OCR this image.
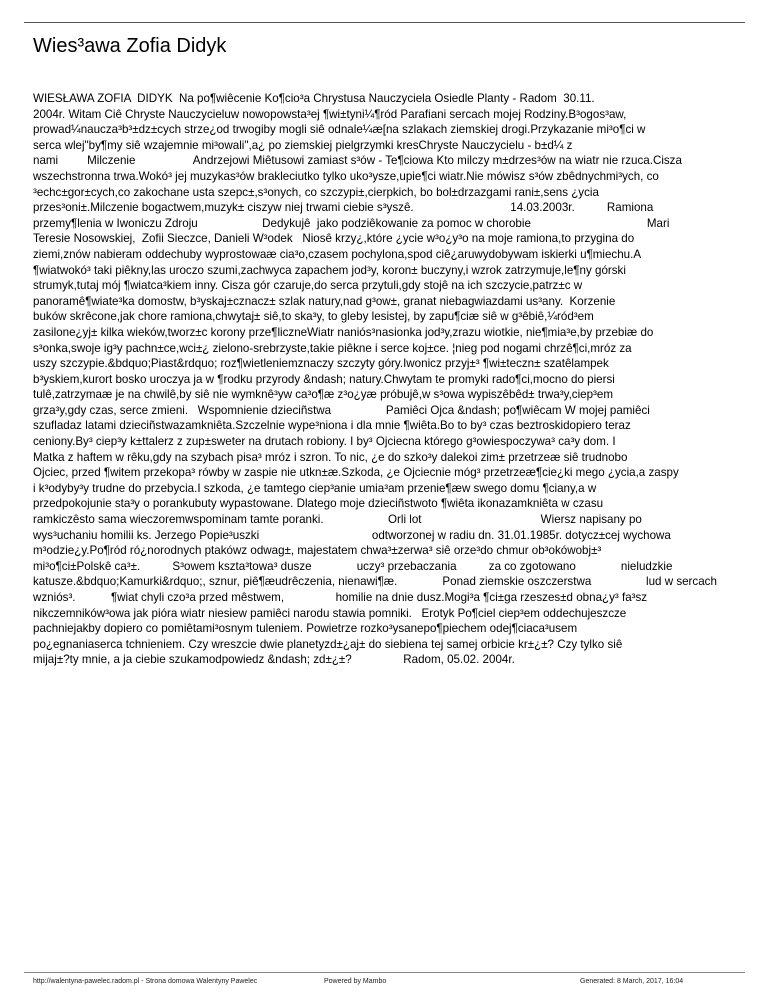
Wies³awa Zofia Didyk
WIESŁAWA ZOFIA  DIDYK  Na po¶wiêcenie Ko¶cio³a Chrystusa Nauczyciela Osiedle Planty - Radom  30.11.
2004r. Witam Ciê Chryste Nauczycieluw nowopowsta³ej ¶wi±tyni¼¶ród Parafiani sercach mojej Rodziny.B³ogos³aw,
prowad¼naucza³b³±dz±cych strze¿od trwogiby mogli siê odnale¼æ[na szlakach ziemskiej drogi.Przykazanie mi³o¶ci w
serca wlej"by¶my siê wzajemnie mi³owali",a¿ po ziemskiej pielgrzymki kresChryste Nauczycielu - b±d¼ z
nami         Milczenie                  Andrzejowi Miêtusowi zamiast s³ów - Te¶ciowa Kto milczy m±drzes³ów na wiatr nie rzuca.Cisza
wszechstronna trwa.Wokó³ jej muzykas³ów brakleciutko tylko uko³ysze,upie¶ci wiatr.Nie mówisz s³ów zbêdnychmi³ych, co
³echc±gor±cych,co zakochane usta szepc±,s³onych, co szczypi±,cierpkich, bo bol±drzazgami rani±,sens ¿ycia
przes³oni±.Milczenie bogactwem,muzyk± ciszyw niej trwami ciebie s³yszê.                              14.03.2003r.          Ramiona
przemy¶lenia w Iwoniczu Zdroju                    Dedykujê  jako podziêkowanie za pomoc w chorobie                                    Mari
Teresie Nosowskiej,  Zofii Sieczce, Danieli W³odek   Niosê krzy¿,które ¿ycie w³o¿y³o na moje ramiona,to przygina do
ziemi,znów nabieram oddechuby wyprostowaæ cia³o,czasem pochylona,spod ciê¿aruwydobywam iskierki u¶miechu.A
¶wiatwokó³ taki piêkny,las uroczo szumi,zachwyca zapachem jod³y, koron± buczyny,i wzrok zatrzymuje,le¶ny górski
strumyk,tutaj mój ¶wiatca³kiem inny. Cisza gór czaruje,do serca przytuli,gdy stojê na ich szczycie,patrz±c w
panoramê¶wiate³ka domostw, b³yskaj±cznacz± szlak natury,nad g³ow±, granat niebagwiazdami us³any.  Korzenie
buków skrêcone,jak chore ramiona,chwytaj± siê,to ska³y, to gleby lesistej, by zapu¶ciæ siê w g³êbiê,¼ród³em
zasilone¿yj± kilka wieków,tworz±c korony prze¶liczneWiatr naniós³nasionka jod³y,zrazu wiotkie, nie¶mia³e,by przebiæ do
s³onka,swoje ig³y pachn±ce,wci±¿ zielono-srebrzyste,takie piêkne i serce koj±ce. ¦nieg pod nogami chrzê¶ci,mróz za
uszy szczypie.&bdquo;Piast&rdquo; roz¶wietleniemznaczy szczyty góry.Iwonicz przyj±³ ¶wi±teczn± szatêlampek
b³yskiem,kurort bosko uroczya ja w ¶rodku przyrody &ndash; natury.Chwytam te promyki rado¶ci,mocno do piersi
tulê,zatrzymaæ je na chwilê,by siê nie wymknê³yw ca³o¶æ z³o¿yæ próbujê,w s³owa wypiszêbêd± trwa³y,ciep³em
grza³y,gdy czas, serce zmieni.   Wspomnienie dzieciñstwa                 Pamiêci Ojca &ndash; po¶wiêcam W mojej pamiêci
szufladaz latami dzieciñstwazamkniêta.Szczelnie wype³niona i dla mnie ¶wiêta.Bo to by³ czas beztroskidopiero teraz
ceniony.By³ ciep³y k±ttalerz z zup±sweter na drutach robiony. I by³ Ojciecna którego g³owiespoczywa³ ca³y dom. I
Matka z haftem w rêku,gdy na szybach pisa³ mróz i szron. To nic, ¿e do szko³y dalekoi zim± przetrzeæ siê trudnobo
Ojciec, przed ¶witem przekopa³ rówby w zaspie nie utkn±æ.Szkoda, ¿e Ojciecnie móg³ przetrzeæ¶cie¿ki mego ¿ycia,a zaspy
i k³odyby³y trudne do przebycia.I szkoda, ¿e tamtego ciep³anie umia³am przenie¶æw swego domu ¶ciany,a w
przedpokojunie sta³y o porankubuty wypastowane. Dlatego moje dzieciñstwoto ¶wiêta ikonazamkniêta w czasu
ramkiczêsto sama wieczoremwspominam tamte poranki.                    Orli lot                                     Wiersz napisany po
wys³uchaniu homilii ks. Jerzego Popie³uszki                                   odtworzonej w radiu dn. 31.01.1985r. dotycz±cej wychowa
m³odzie¿y.Po¶ród ró¿norodnych ptakówz odwag±, majestatem chwa³±zerwa³ siê orze³do chmur ob³okówobj±³
mi³o¶ci±Polskê ca³±.          S³owem kszta³towa³ dusze              uczy³ przebaczania          za co zgotowano              nieludzkie
katusze.&bdquo;Kamurki&rdquo;, sznur, piê¶æudrêczenia, nienawi¶æ.              Ponad ziemskie oszczerstwa                 lud w sercach
wzniós³.           ¶wiat chyli czo³a przed mêstwem,                homilie na dnie dusz.Mogi³a ¶ci±ga rzeszes±d obna¿y³ fa³sz
nikczemników³owa jak pióra wiatr niesiew pamiêci narodu stawia pomniki.   Erotyk Po¶ciel ciep³em oddechujeszcze
pachniejakby dopiero co pomiêtami³osnym tuleniem. Powietrze rozko³ysanepo¶piechem odej¶ciaca³usem
po¿egnaniaserca tchnieniem. Czy wreszcie dwie planetyzd±¿aj± do siebiena tej samej orbicie kr±¿±? Czy tylko siê
mijaj±?ty mnie, a ja ciebie szukamodpowiedz &ndash; zd±¿±?                Radom, 05.02. 2004r.
http://walentyna-pawelec.radom.pl - Strona domowa Walentyny Pawelec	Powered by Mambo	Generated: 8 March, 2017, 16:04
